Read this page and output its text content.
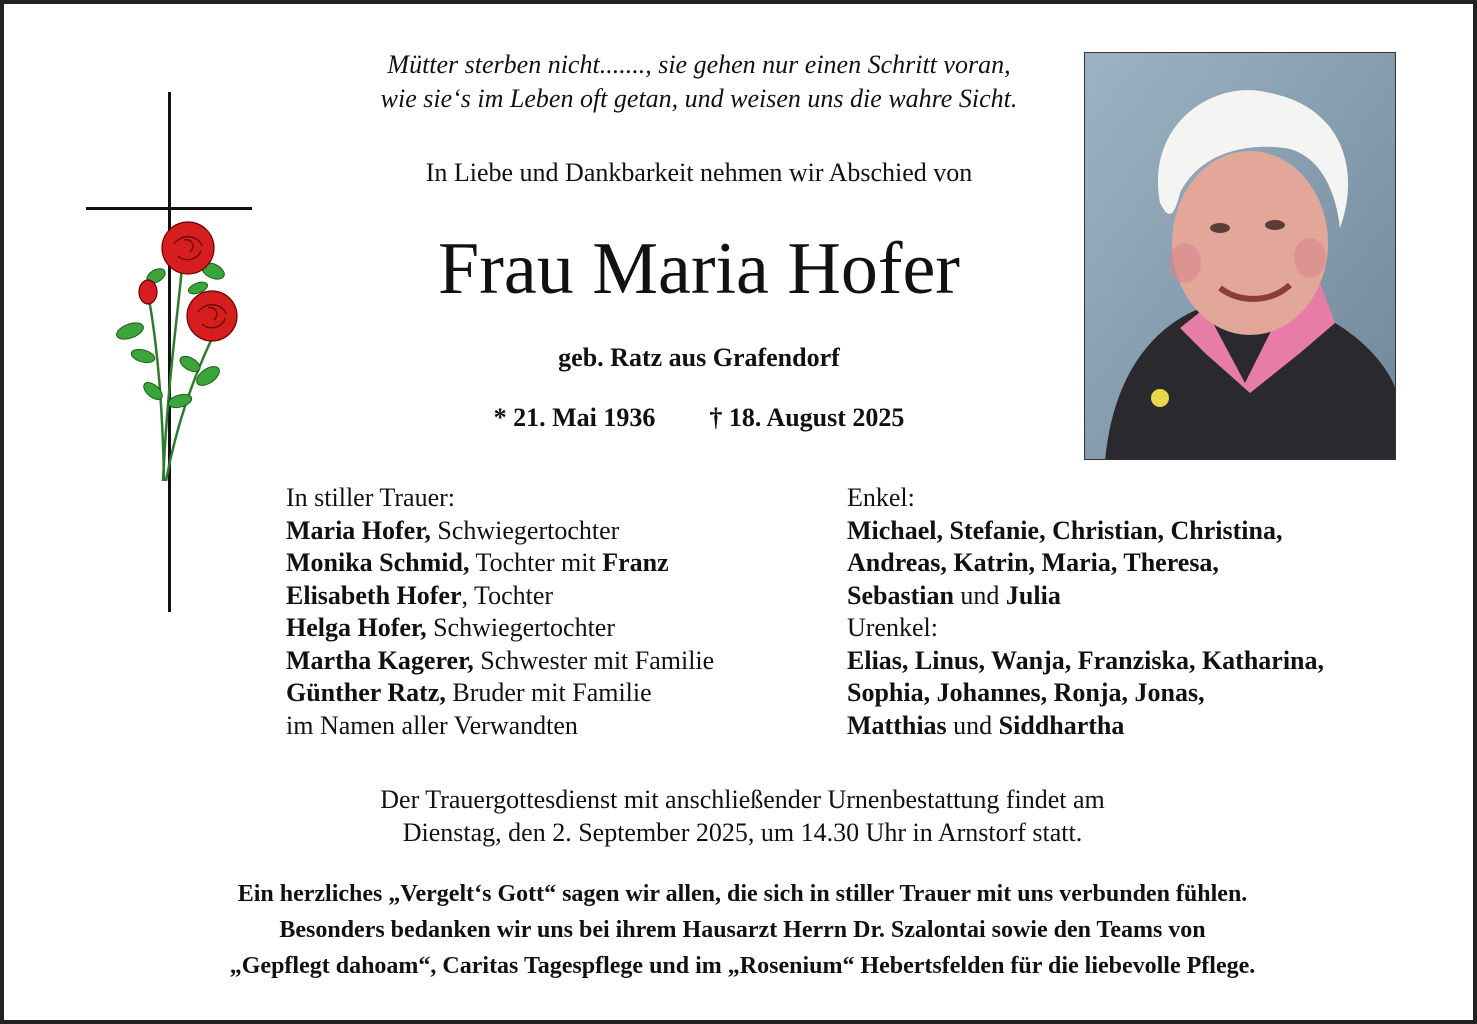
Mütter sterben nicht......., sie gehen nur einen Schritt voran,
wie sie‘s im Leben oft getan, und weisen uns die wahre Sicht.
In Liebe und Dankbarkeit nehmen wir Abschied von
Frau Maria Hofer
geb. Ratz aus Grafendorf
* 21. Mai 1936 † 18. August 2025
In stiller Trauer:
Maria Hofer, Schwiegertochter
Monika Schmid, Tochter mit Franz
Elisabeth Hofer, Tochter
Helga Hofer, Schwiegertochter
Martha Kagerer, Schwester mit Familie
Günther Ratz, Bruder mit Familie
im Namen aller Verwandten
Enkel:
Michael, Stefanie, Christian, Christina,
Andreas, Katrin, Maria, Theresa,
Sebastian und Julia
Urenkel:
Elias, Linus, Wanja, Franziska, Katharina,
Sophia, Johannes, Ronja, Jonas,
Matthias und Siddhartha
Der Trauergottesdienst mit anschließender Urnenbestattung findet am
Dienstag, den 2. September 2025, um 14.30 Uhr in Arnstorf statt.
Ein herzliches „Vergelt‘s Gott“ sagen wir allen, die sich in stiller Trauer mit uns verbunden fühlen.
Besonders bedanken wir uns bei ihrem Hausarzt Herrn Dr. Szalontai sowie den Teams von
„Gepflegt dahoam“, Caritas Tagespflege und im „Rosenium“ Hebertsfelden für die liebevolle Pflege.
